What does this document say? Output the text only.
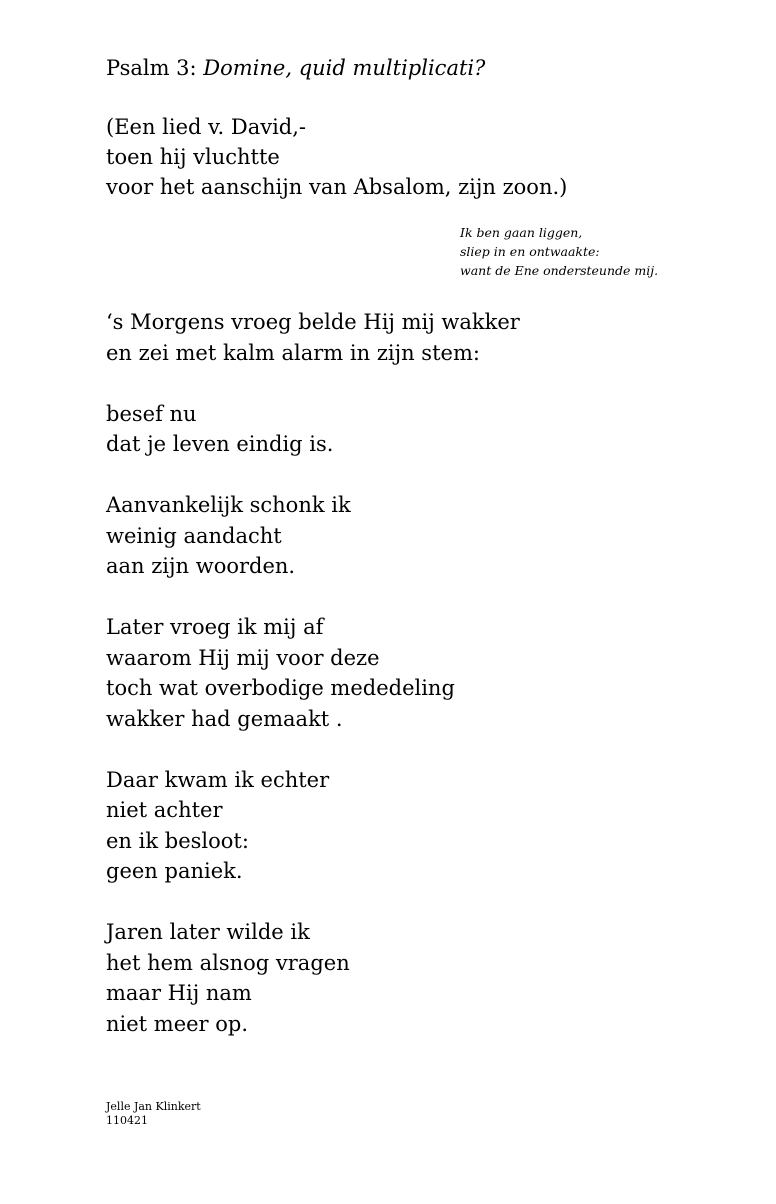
Psalm 3: Domine, quid multiplicati?
(Een lied v. David,-
toen hij vluchtte
voor het aanschijn van Absalom, zijn zoon.)
Ik ben gaan liggen,
sliep in en ontwaakte:
want de Ene ondersteunde mij.
‘s Morgens vroeg belde Hij mij wakker
en zei met kalm alarm in zijn stem:
besef nu
dat je leven eindig is.
Aanvankelijk schonk ik
weinig aandacht
aan zijn woorden.
Later vroeg ik mij af
waarom Hij mij voor deze
toch wat overbodige mededeling
wakker had gemaakt .
Daar kwam ik echter
niet achter
en ik besloot:
geen paniek.
Jaren later wilde ik
het hem alsnog vragen
maar Hij nam
niet meer op.
Jelle Jan Klinkert
110421
